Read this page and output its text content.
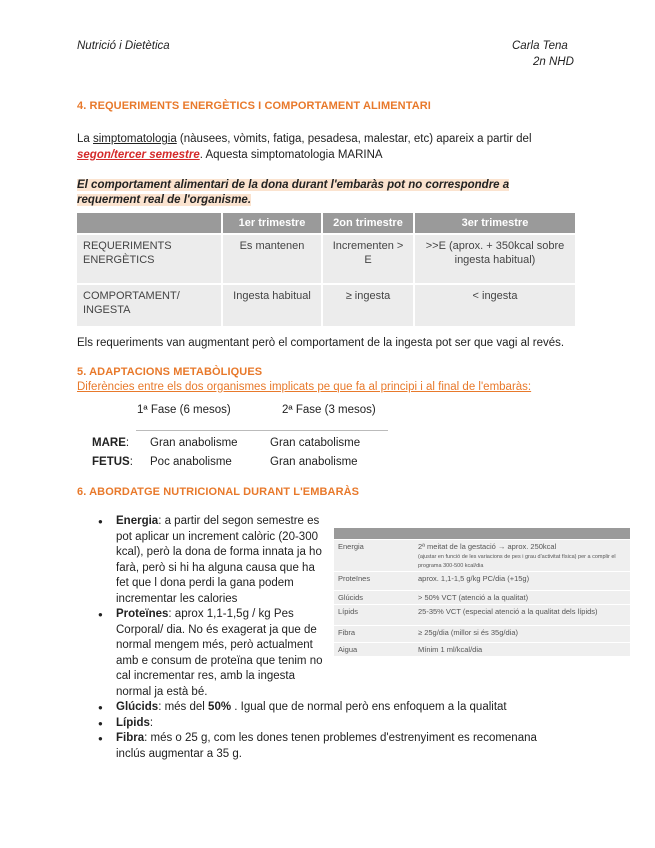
Nutrició i Dietètica	Carla Tena
2n NHD
4. REQUERIMENTS ENERGÈTICS I COMPORTAMENT ALIMENTARI
La simptomatologia (nàusees, vòmits, fatiga, pesadesa, malestar, etc) apareix a partir del
segon/tercer semestre. Aquesta simptomatologia MARINA
El comportament alimentari de la dona durant l'embaràs pot no correspondre a
requerment real de l'organisme.
	1er trimestre	2on trimestre	3er trimestre
REQUERIMENTS ENERGÈTICS	Es mantenen	Incrementen > E	>>E (aprox. + 350kcal sobre ingesta habitual)
COMPORTAMENT/ INGESTA	Ingesta habitual	≥ ingesta	< ingesta
Els requeriments van augmentant però el comportament de la ingesta pot ser que vagi al revés.
5. ADAPTACIONS METABÒLIQUES
Diferències entre els dos organismes implicats pe que fa al principi i al final de l'embaràs:
1ª Fase (6 mesos)	2ª Fase (3 mesos)
MARE: Gran anabolisme	Gran catabolisme
FETUS: Poc anabolisme	Gran anabolisme
6. ABORDATGE NUTRICIONAL DURANT L'EMBARÀS
● Energia: a partir del segon semestre es pot aplicar un increment calòric (20-300 kcal), però la dona de forma innata ja ho farà, però si hi ha alguna causa que ha fet que l dona perdi la gana podem incrementar les calories
● Proteïnes: aprox 1,1-1,5g / kg Pes Corporal/ dia. No és exagerat ja que de normal mengem més, però actualment amb e consum de proteïna que tenim no cal incrementar res, amb la ingesta normal ja està bé.
● Glúcids: més del 50% . Igual que de normal però ens enfoquem a la qualitat
● Lípids:
● Fibra: més o 25 g, com les dones tenen problemes d'estrenyiment es recomenana inclús augmentar a 35 g.

Energia	2ª meitat de la gestació → aprox. 250kcal
(ajustar en funció de les variacions de pes i grau d'activitat física) per a complir el programa 300-500 kcal/dia
Proteïnes	aprox. 1,1-1,5 g/kg PC/dia (+15g)
Glúcids	> 50% VCT (atenció a la qualitat)
Lípids	25-35% VCT (especial atenció a la qualitat dels lípids)
Fibra	≥ 25g/dia (millor si és 35g/dia)
Aigua	Mínim 1 ml/kcal/dia
